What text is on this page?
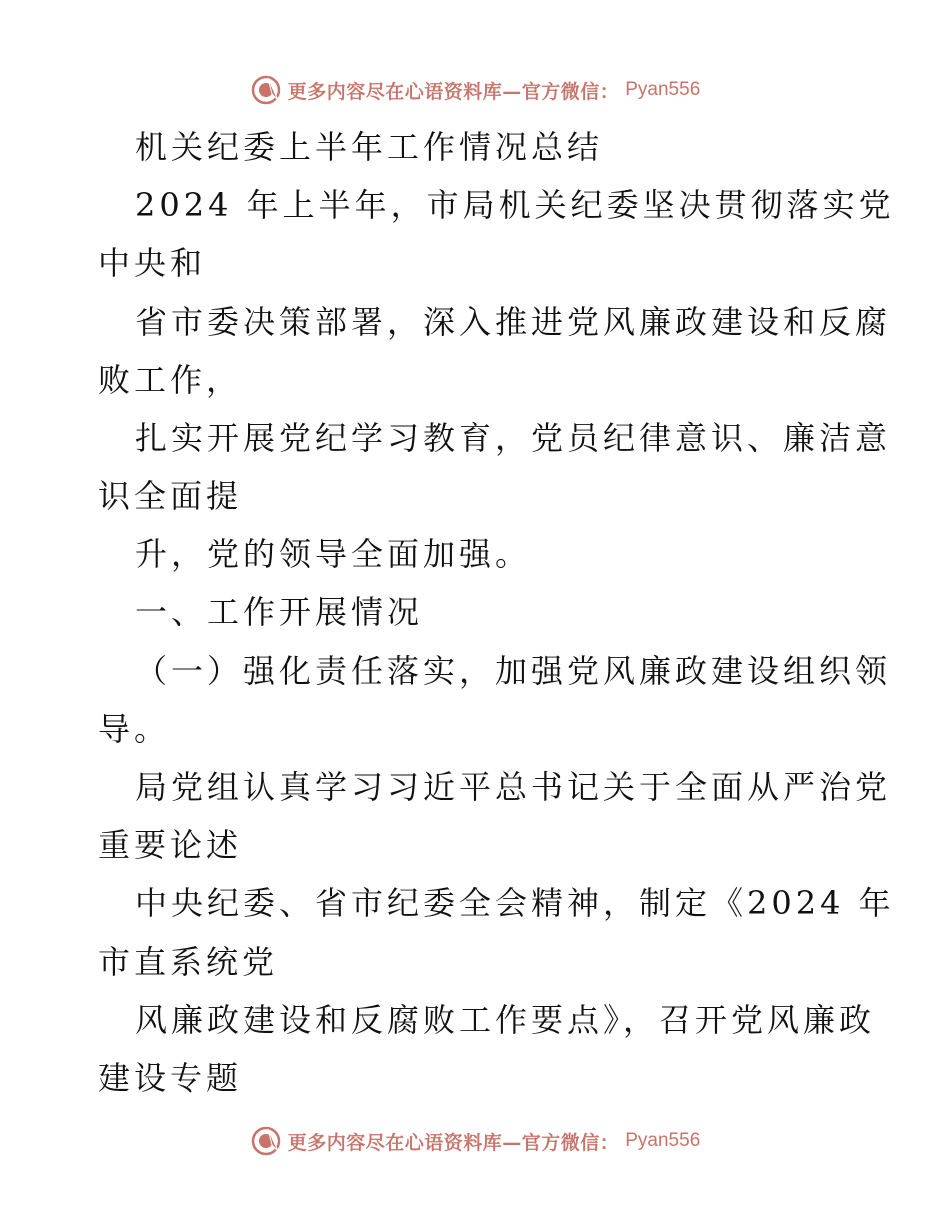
更多内容尽在心语资料库—官方微信： Pyan556
机关纪委上半年工作情况总结
2024 年上半年，市局机关纪委坚决贯彻落实党
中央和
省市委决策部署，深入推进党风廉政建设和反腐
败工作，
扎实开展党纪学习教育，党员纪律意识、廉洁意
识全面提
升，党的领导全面加强。
一、工作开展情况
（一）强化责任落实，加强党风廉政建设组织领
导。
局党组认真学习习近平总书记关于全面从严治党
重要论述
中央纪委、省市纪委全会精神，制定《2024 年
市直系统党
风廉政建设和反腐败工作要点》，召开党风廉政
建设专题
更多内容尽在心语资料库—官方微信： Pyan556
